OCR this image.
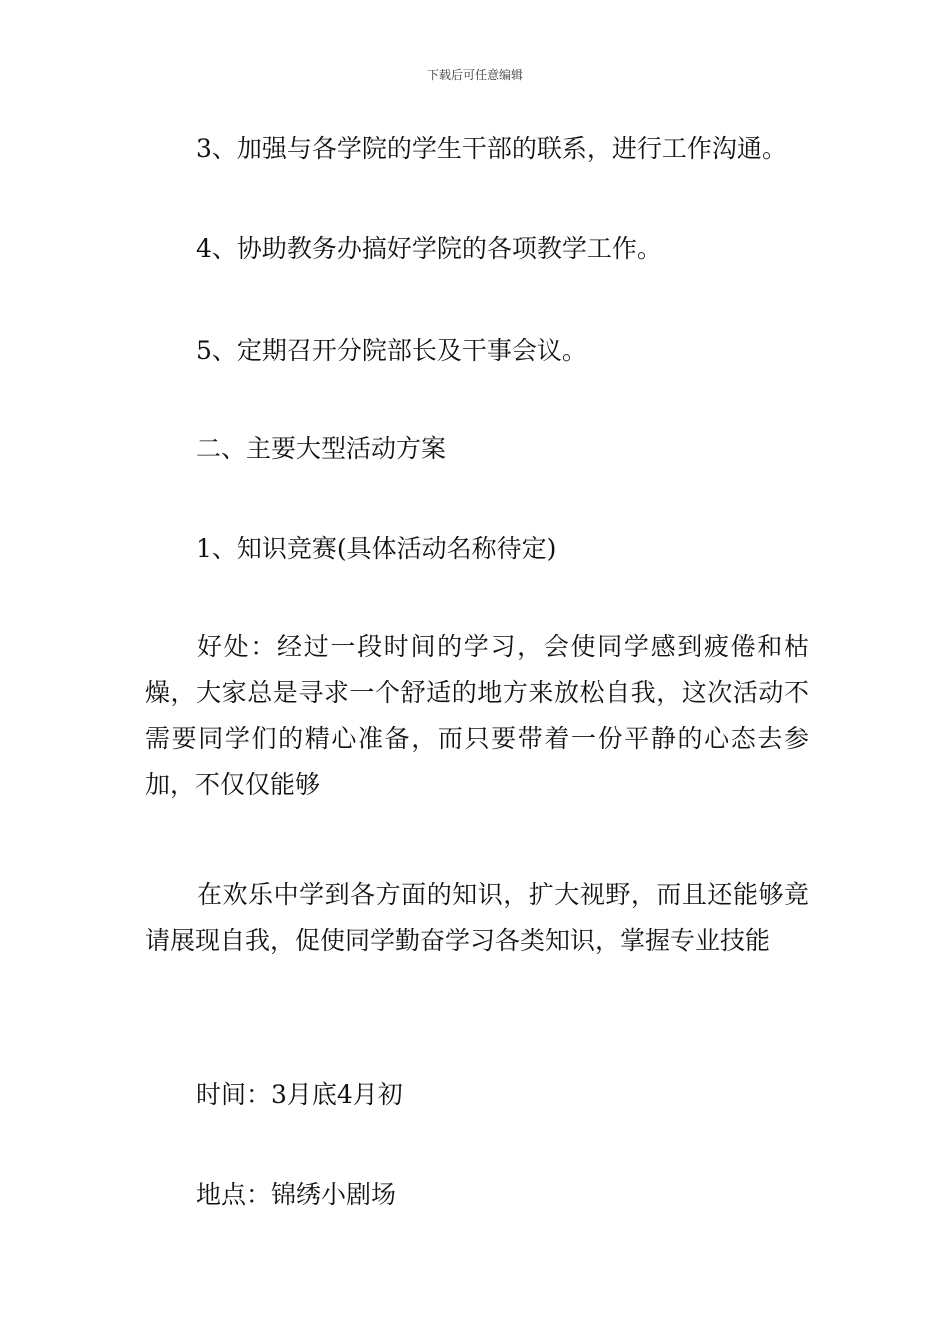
下载后可任意编辑
3、加强与各学院的学生干部的联系，进行工作沟通。
4、协助教务办搞好学院的各项教学工作。
5、定期召开分院部长及干事会议。
二、主要大型活动方案
1、知识竞赛(具体活动名称待定)
好处：经过一段时间的学习，会使同学感到疲倦和枯燥，大家总是寻求一个舒适的地方来放松自我，这次活动不需要同学们的精心准备，而只要带着一份平静的心态去参加，不仅仅能够
在欢乐中学到各方面的知识，扩大视野，而且还能够竟请展现自我，促使同学勤奋学习各类知识，掌握专业技能
时间：3月底4月初
地点：锦绣小剧场
